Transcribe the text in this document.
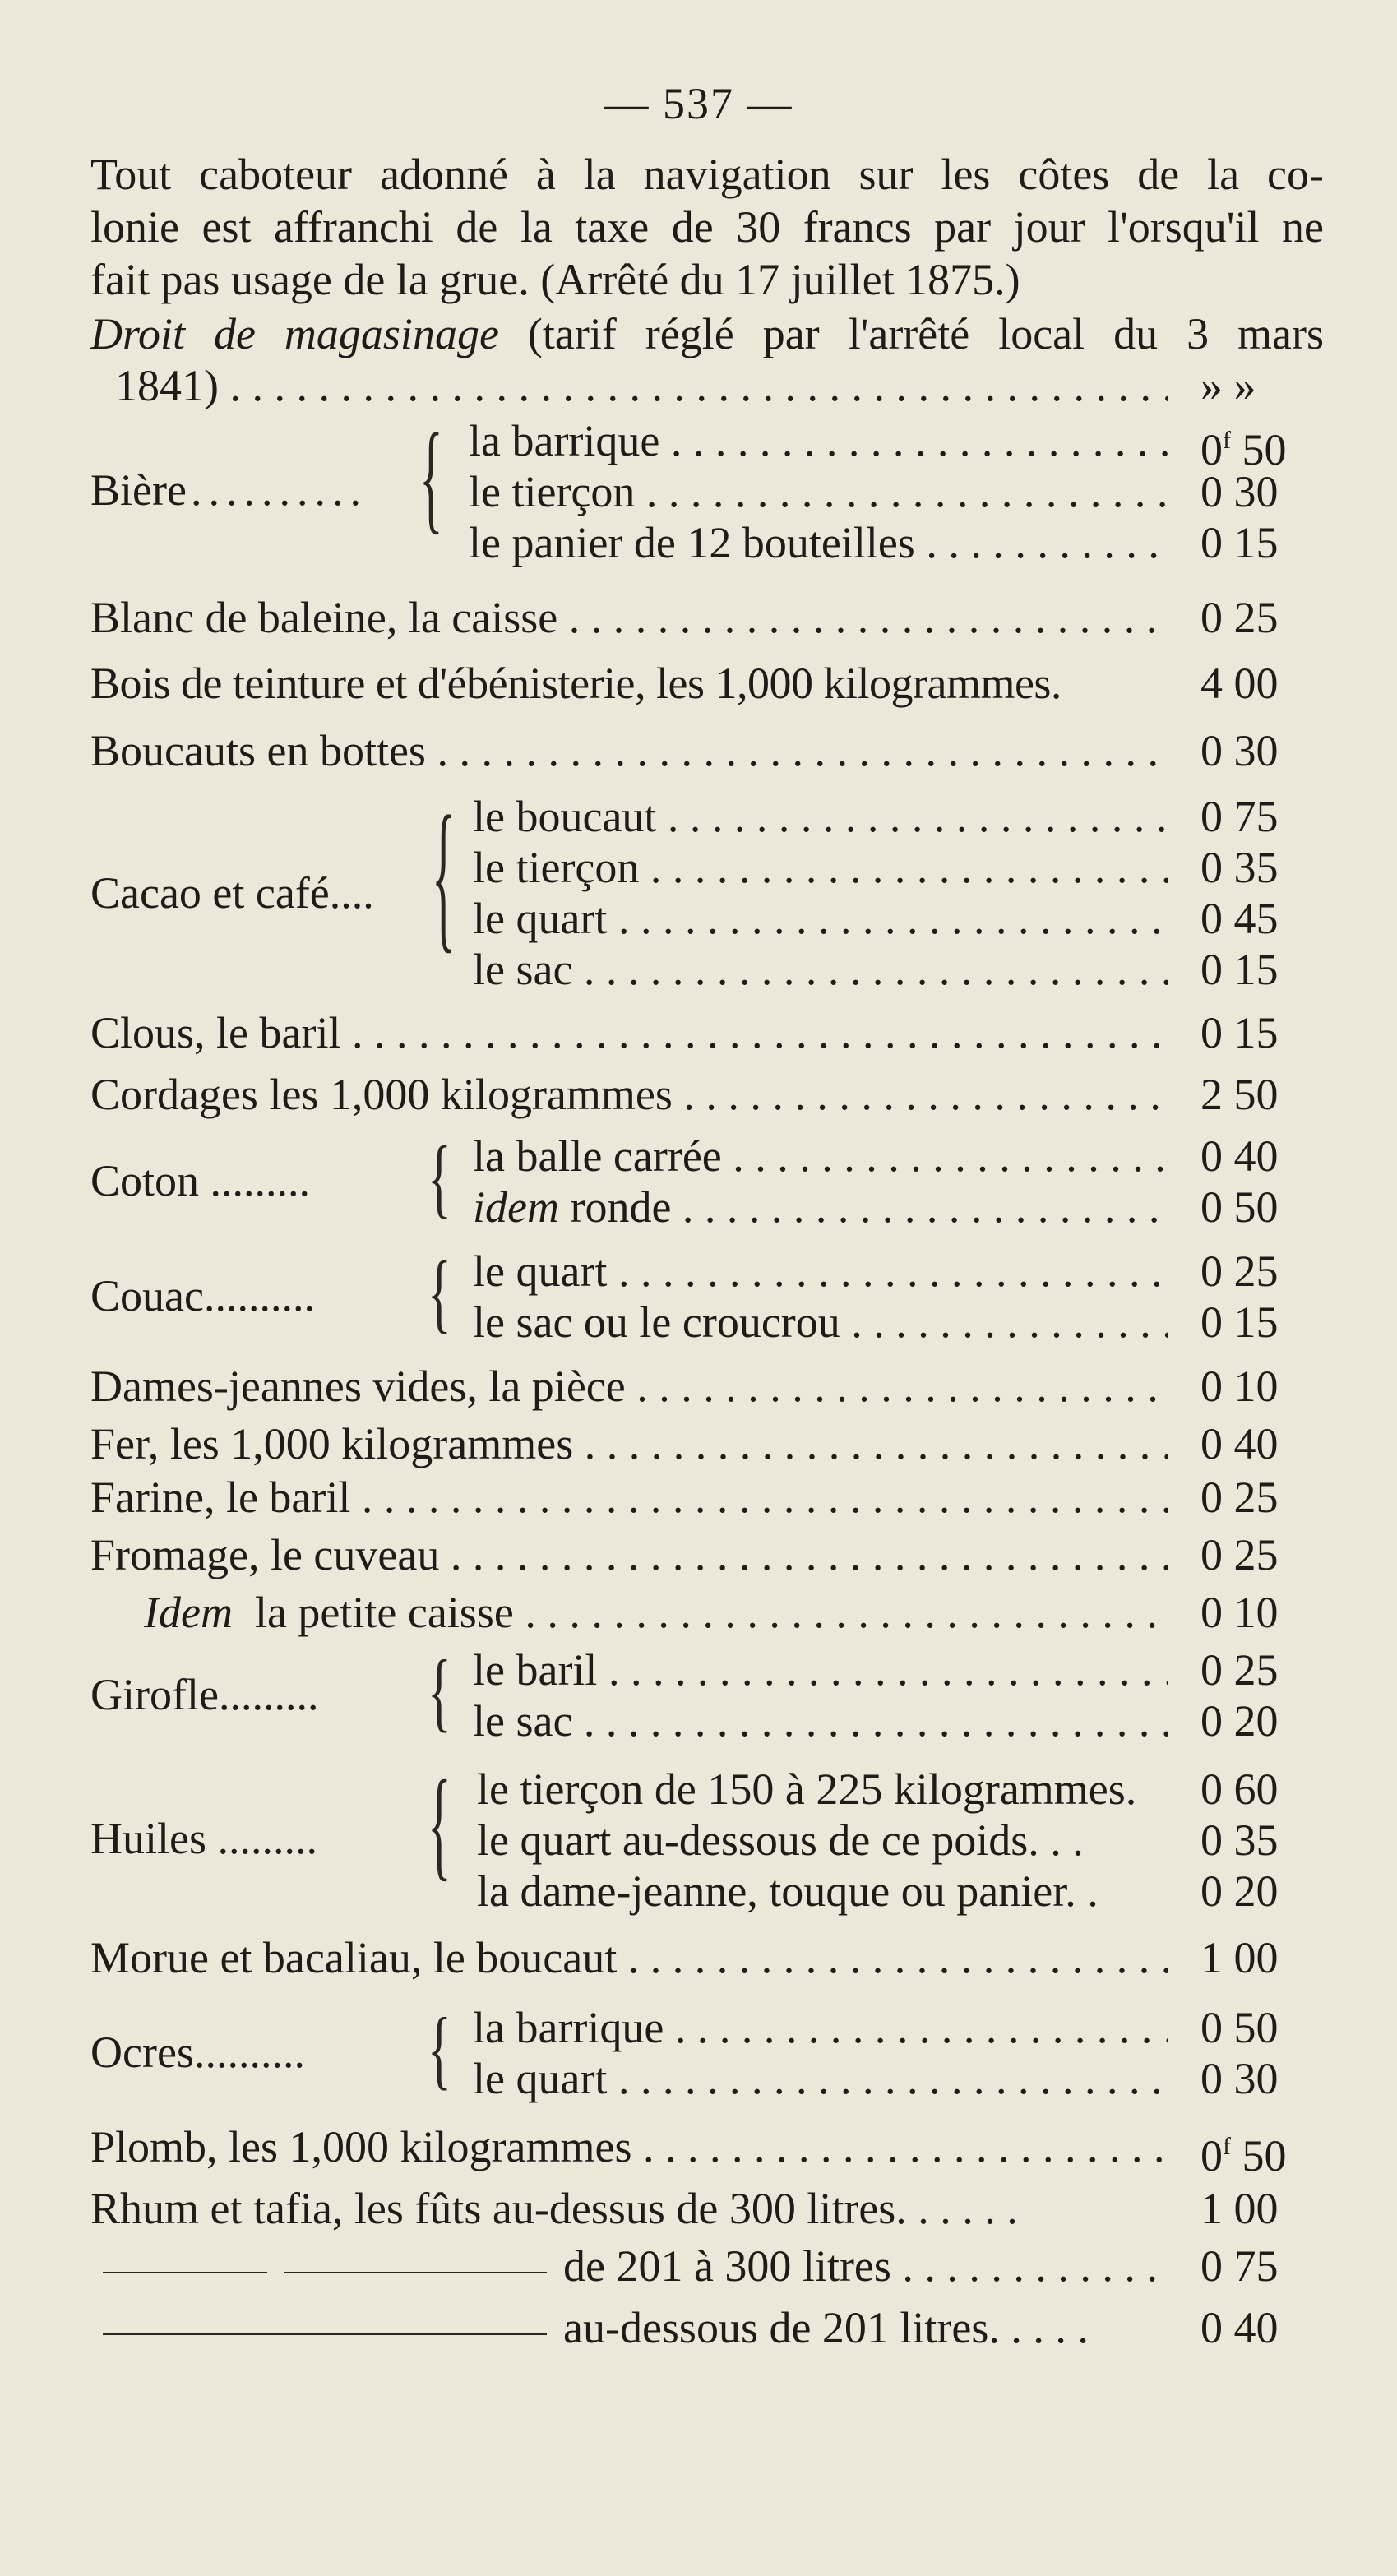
— 537 —
Tout caboteur adonné à la navigation sur les côtes de la co-
lonie est affranchi de la taxe de 30 francs par jour l'orsqu'il ne
fait pas usage de la grue. (Arrêté du 17 juillet 1875.)
Droit de magasinage (tarif réglé par l'arrêté local du 3 mars
1841) . . .	» »
Bière .......... { la barrique . . .	0$^f$ 50
le tierçon . . .	0 30
le panier de 12 bouteilles . . .	0 15
Blanc de baleine, la caisse . . .	0 25
Bois de teinture et d'ébénisterie, les 1,000 kilogrammes.	4 00
Boucauts en bottes . . .	0 30
Cacao et café.... { le boucaut . . .	0 75
le tierçon . . .	0 35
le quart . . .	0 45
le sac . . .	0 15
Clous, le baril . . .	0 15
Cordages les 1,000 kilogrammes . . .	2 50
Coton ......... { la balle carrée . . .	0 40
idem ronde . . .	0 50
Couac.......... { le quart . . .	0 25
le sac ou le croucrou . . .	0 15
Dames-jeannes vides, la pièce . . .	0 10
Fer, les 1,000 kilogrammes . . .	0 40
Farine, le baril . . .	0 25
Fromage, le cuveau . . .	0 25
Idem la petite caisse . . .	0 10
Girofle......... { le baril . . .	0 25
le sac . . .	0 20
Huiles ......... { le tierçon de 150 à 225 kilogrammes. 0 60
le quart au-dessous de ce poids. . .	0 35
la dame-jeanne, touque ou panier. . 0 20
Morue et bacaliau, le boucaut . . .	1 00
Ocres.......... { la barrique . . .	0 50
le quart . . .	0 30
Plomb, les 1,000 kilogrammes . . .	0$^f$ 50
Rhum et tafia, les fûts au-dessus de 300 litres. . . . . .	1 00
de 201 à 300 litres . . .	0 75
au-dessous de 201 litres. . . . .	0 40
